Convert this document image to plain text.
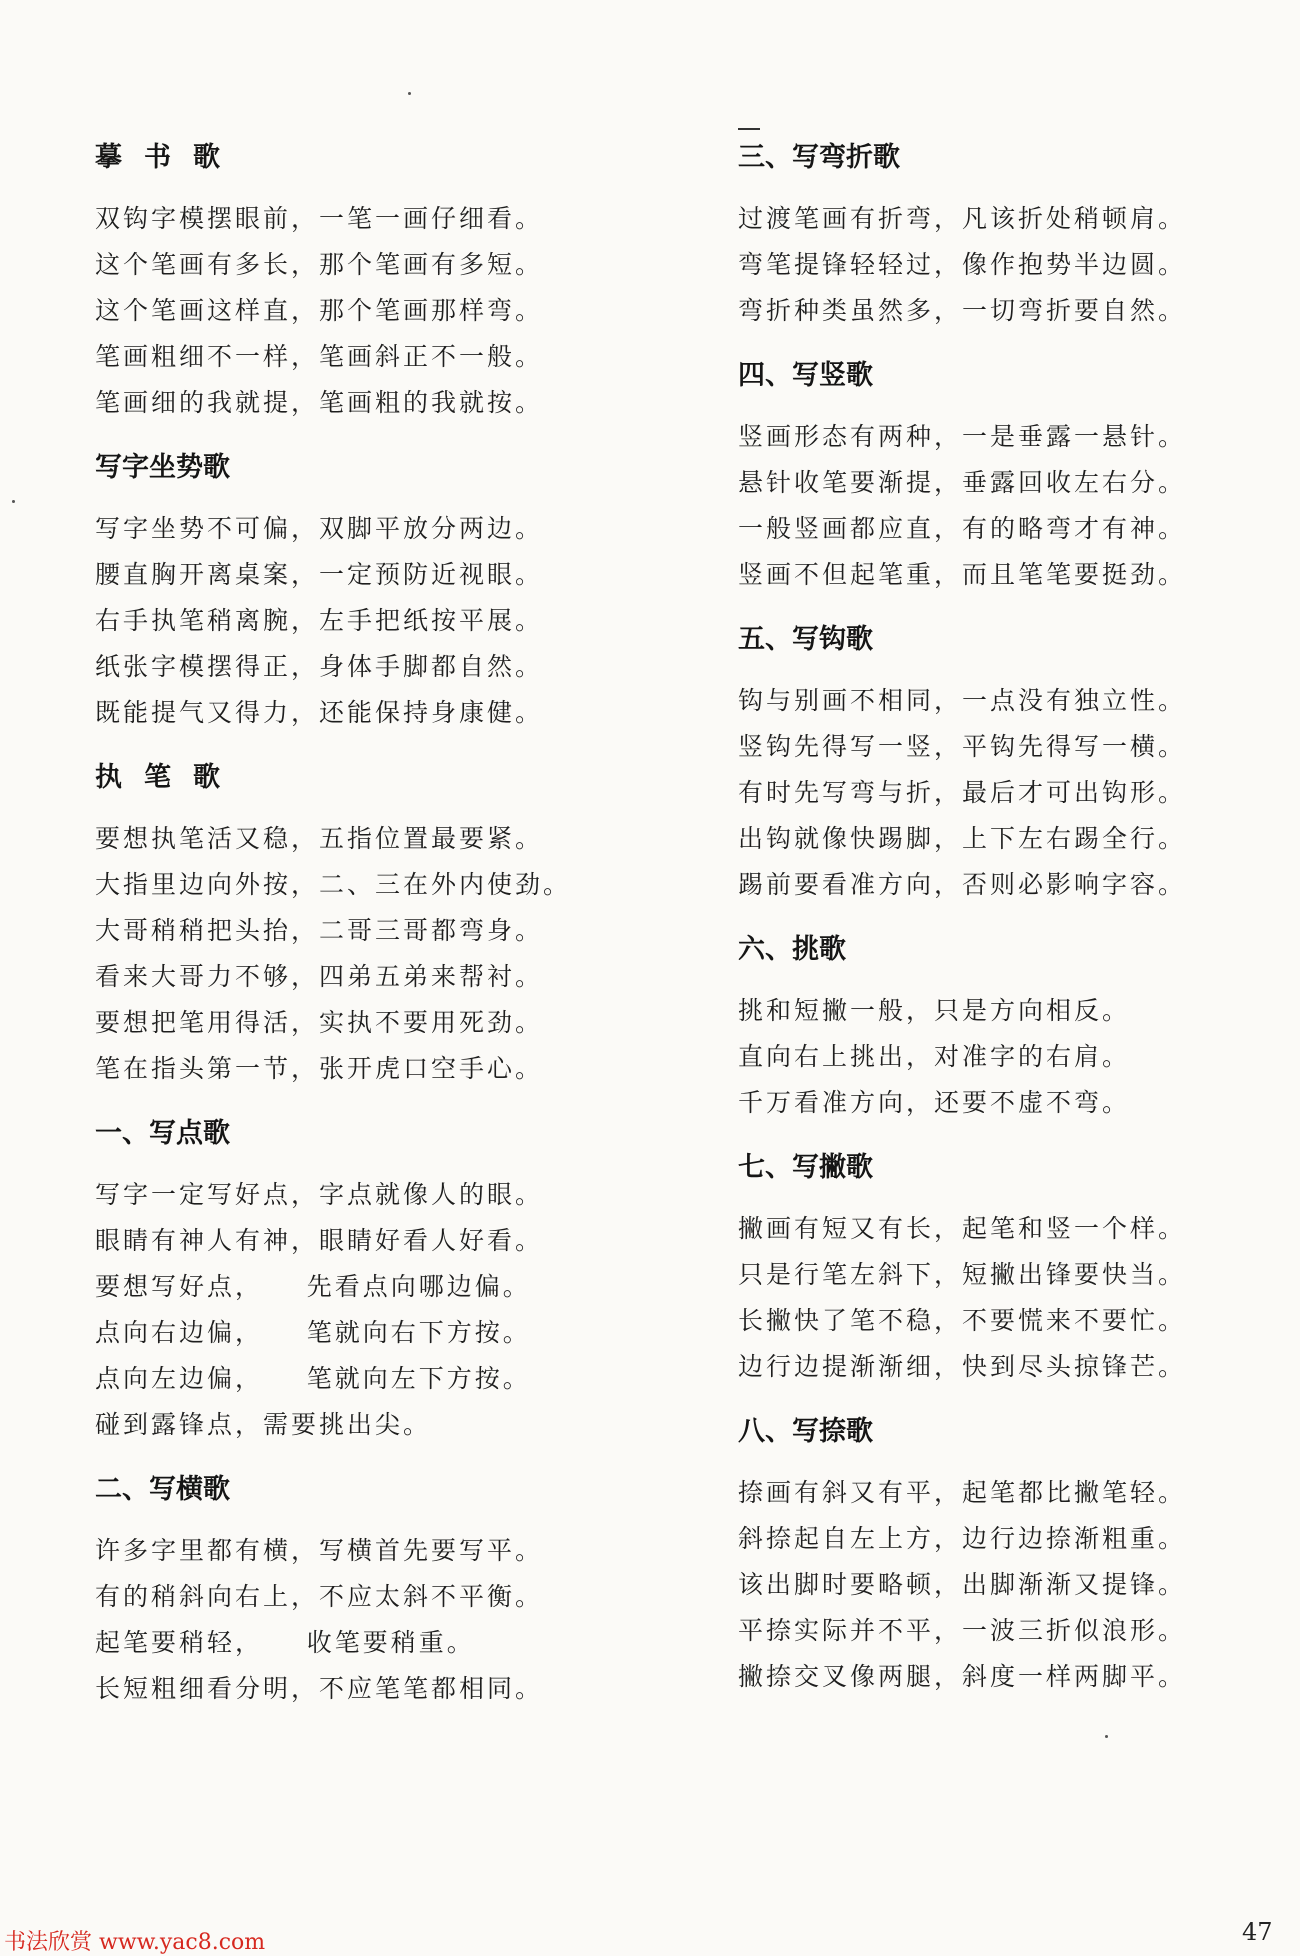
摹书歌
双钩字模摆眼前，一笔一画仔细看。
这个笔画有多长，那个笔画有多短。
这个笔画这样直，那个笔画那样弯。
笔画粗细不一样，笔画斜正不一般。
笔画细的我就提，笔画粗的我就按。
写字坐势歌
写字坐势不可偏，双脚平放分两边。
腰直胸开离桌案，一定预防近视眼。
右手执笔稍离腕，左手把纸按平展。
纸张字模摆得正，身体手脚都自然。
既能提气又得力，还能保持身康健。
执笔歌
要想执笔活又稳，五指位置最要紧。
大指里边向外按，二、三在外内使劲。
大哥稍稍把头抬，二哥三哥都弯身。
看来大哥力不够，四弟五弟来帮衬。
要想把笔用得活，实执不要用死劲。
笔在指头第一节，张开虎口空手心。
一、写点歌
写字一定写好点，字点就像人的眼。
眼睛有神人有神，眼睛好看人好看。
要想写好点，    先看点向哪边偏。
点向右边偏，    笔就向右下方按。
点向左边偏，    笔就向左下方按。
碰到露锋点，需要挑出尖。
二、写横歌
许多字里都有横，写横首先要写平。
有的稍斜向右上，不应太斜不平衡。
起笔要稍轻，    收笔要稍重。
长短粗细看分明，不应笔笔都相同。
三、写弯折歌
过渡笔画有折弯，凡该折处稍顿肩。
弯笔提锋轻轻过，像作抱势半边圆。
弯折种类虽然多，一切弯折要自然。
四、写竖歌
竖画形态有两种，一是垂露一悬针。
悬针收笔要渐提，垂露回收左右分。
一般竖画都应直，有的略弯才有神。
竖画不但起笔重，而且笔笔要挺劲。
五、写钩歌
钩与别画不相同，一点没有独立性。
竖钩先得写一竖，平钩先得写一横。
有时先写弯与折，最后才可出钩形。
出钩就像快踢脚，上下左右踢全行。
踢前要看准方向，否则必影响字容。
六、挑歌
挑和短撇一般，只是方向相反。
直向右上挑出，对准字的右肩。
千万看准方向，还要不虚不弯。
七、写撇歌
撇画有短又有长，起笔和竖一个样。
只是行笔左斜下，短撇出锋要快当。
长撇快了笔不稳，不要慌来不要忙。
边行边提渐渐细，快到尽头掠锋芒。
八、写捺歌
捺画有斜又有平，起笔都比撇笔轻。
斜捺起自左上方，边行边捺渐粗重。
该出脚时要略顿，出脚渐渐又提锋。
平捺实际并不平，一波三折似浪形。
撇捺交叉像两腿，斜度一样两脚平。
书法欣赏 www.yac8.com	47
